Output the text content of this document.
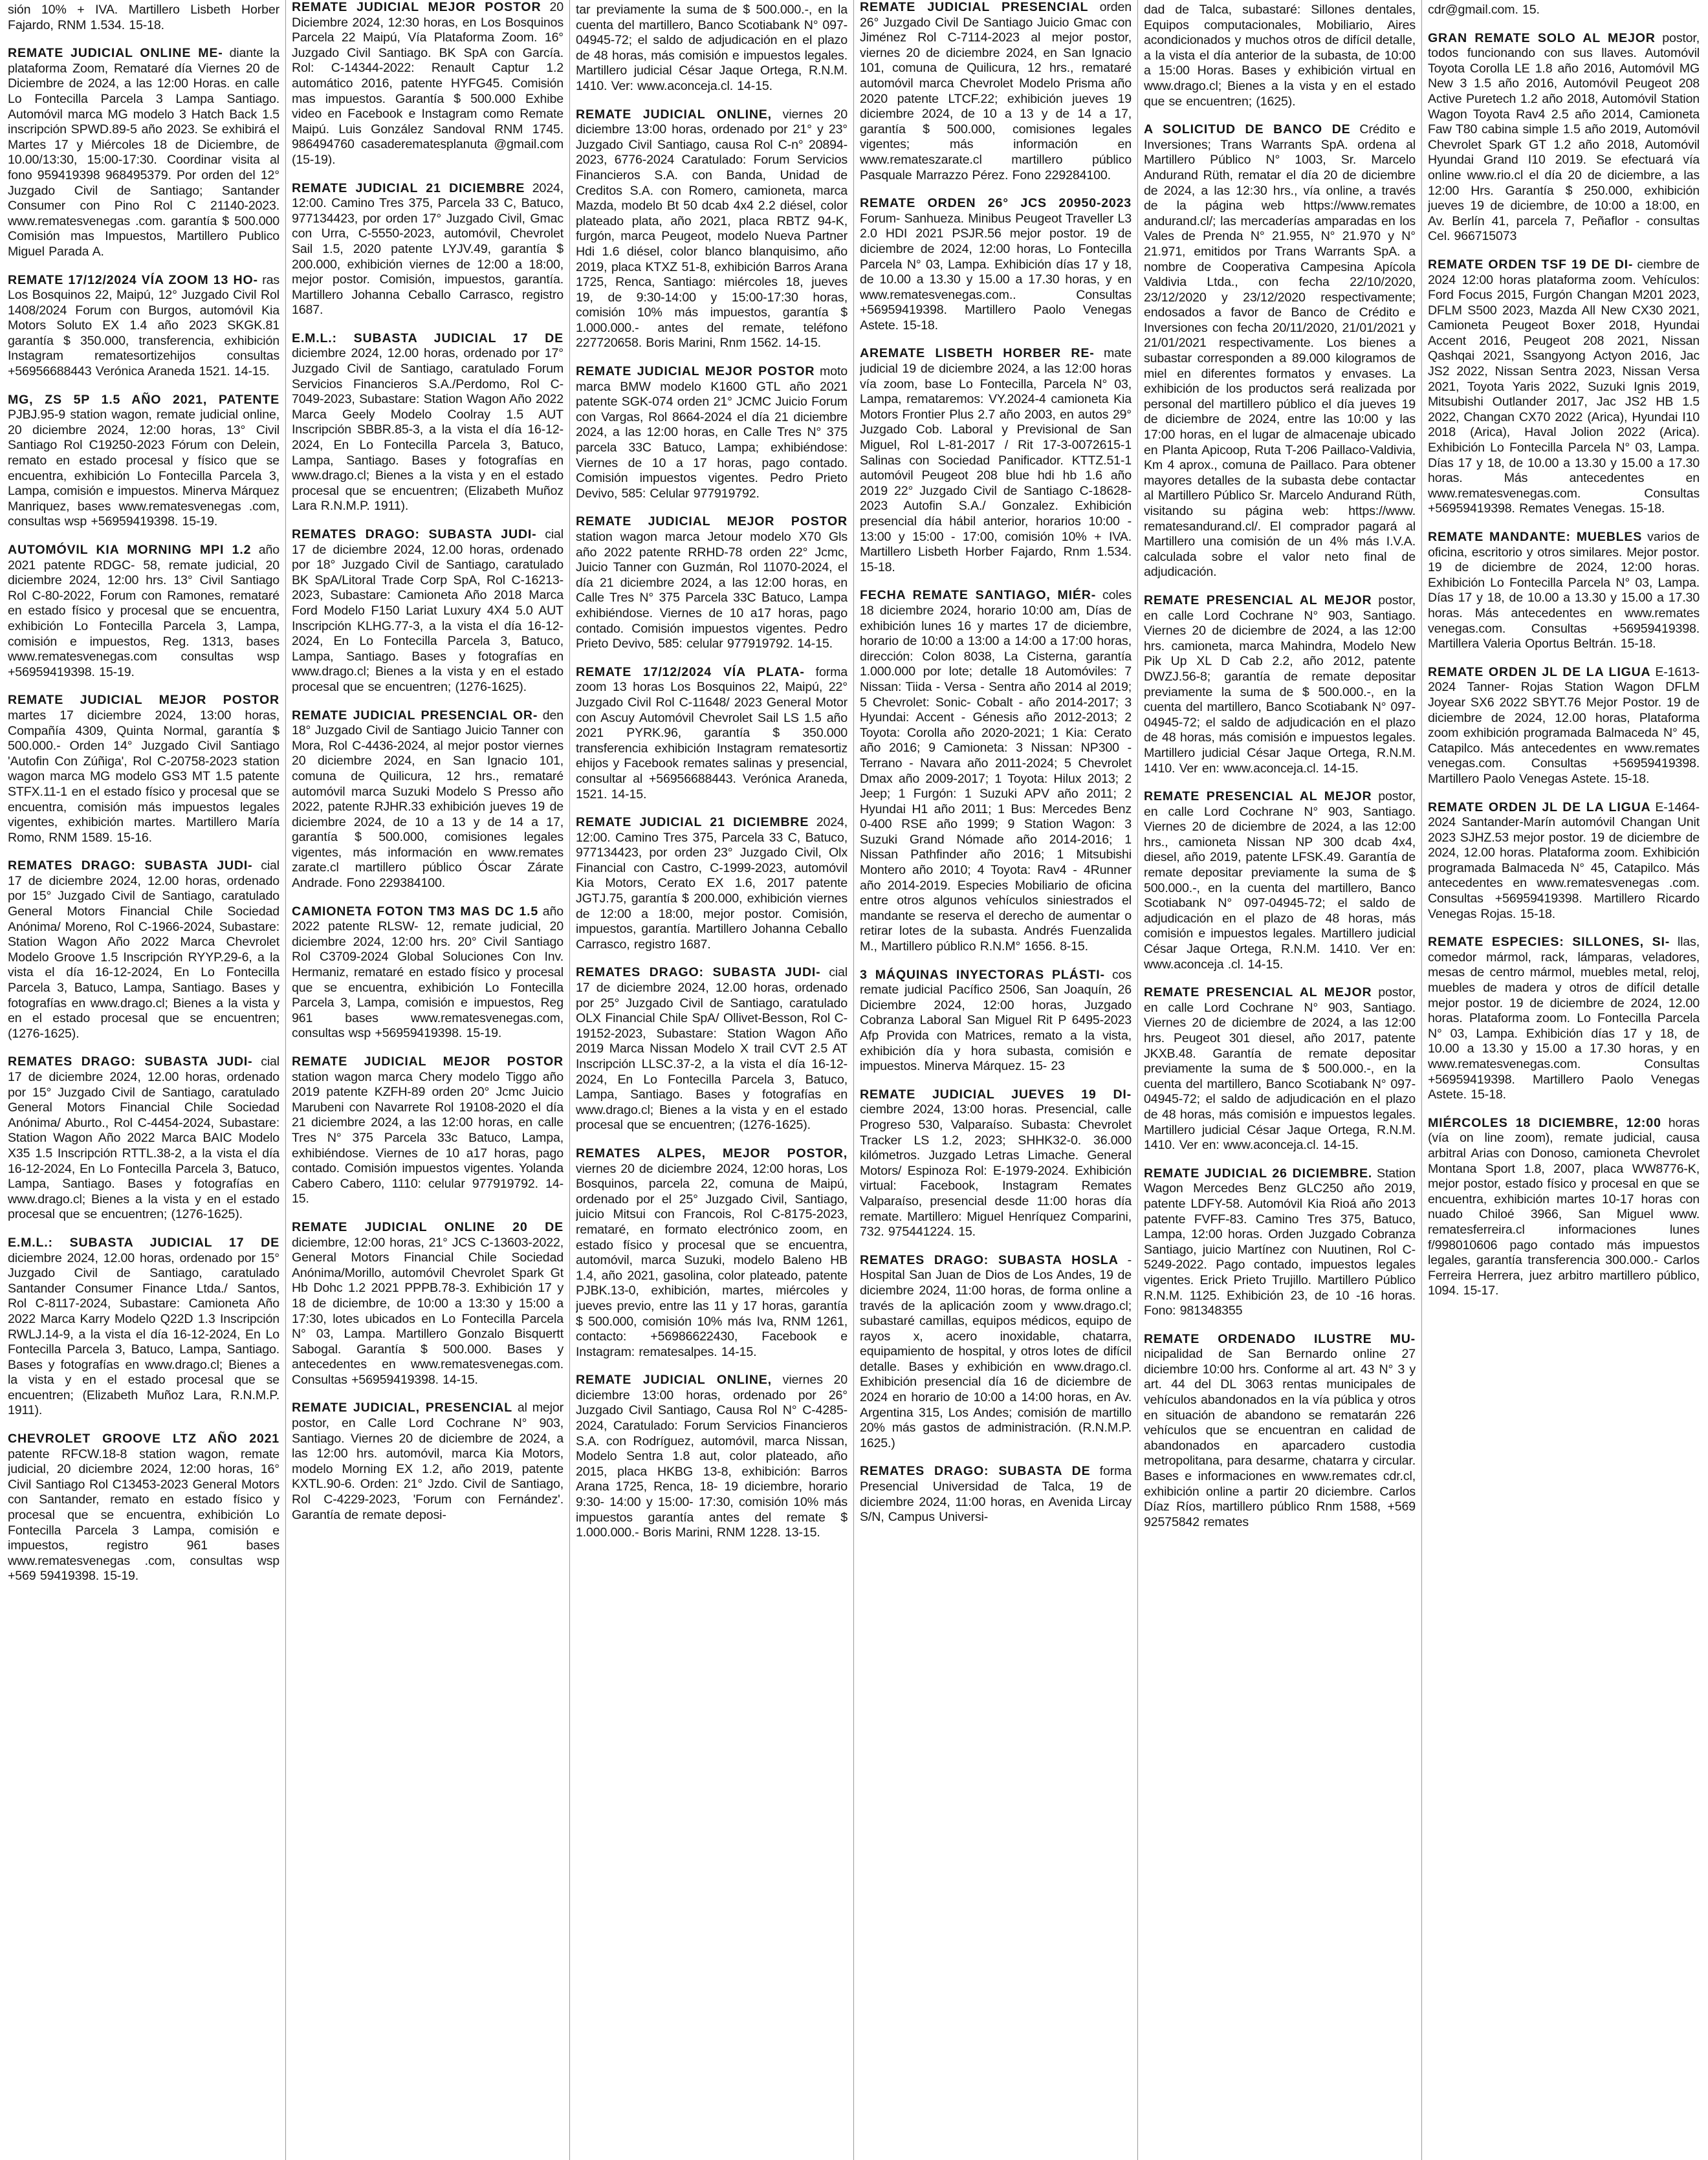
sión 10% + IVA. Martillero Lisbeth Horber Fajardo, RNM 1.534. 15-18.
REMATE JUDICIAL ONLINE ME- diante la plataforma Zoom, Remataré día Viernes 20 de Diciembre de 2024, a las 12:00 Horas. en calle Lo Fontecilla Parcela 3 Lampa Santiago. Automóvil marca MG modelo 3 Hatch Back 1.5 inscripción SPWD.89-5 año 2023. Se exhibirá el Martes 17 y Miércoles 18 de Diciembre, de 10.00/13:30, 15:00-17:30. Coordinar visita al fono 959419398 968495379. Por orden del 12° Juzgado Civil de Santiago; Santander Consumer con Pino Rol C 21140-2023. www.rematesvenegas .com. garantía $ 500.000 Comisión mas Impuestos, Martillero Publico Miguel Parada A.
REMATE 17/12/2024 VÍA ZOOM 13 HO- ras Los Bosquinos 22, Maipú, 12° Juzgado Civil Rol 1408/2024 Forum con Burgos, automóvil Kia Motors Soluto EX 1.4 año 2023 SKGK.81 garantía $ 350.000, transferencia, exhibición Instagram rematesortizehijos consultas +56956688443 Verónica Araneda 1521. 14-15.
MG, ZS 5P 1.5 AÑO 2021, PATENTE PJBJ.95-9 station wagon, remate judicial online, 20 diciembre 2024, 12:00 horas, 13° Civil Santiago Rol C19250-2023 Fórum con Delein, remato en estado procesal y físico que se encuentra, exhibición Lo Fontecilla Parcela 3, Lampa, comisión e impuestos. Minerva Márquez Manriquez, bases www.rematesvenegas .com, consultas wsp +56959419398. 15-19.
AUTOMÓVIL KIA MORNING MPI 1.2 año 2021 patente RDGC- 58, remate judicial, 20 diciembre 2024, 12:00 hrs. 13° Civil Santiago Rol C-80-2022, Forum con Ramones, remataré en estado físico y procesal que se encuentra, exhibición Lo Fontecilla Parcela 3, Lampa, comisión e impuestos, Reg. 1313, bases www.rematesvenegas.com consultas wsp +56959419398. 15-19.
REMATE JUDICIAL MEJOR POSTOR martes 17 diciembre 2024, 13:00 horas, Compañía 4309, Quinta Normal, garantía $ 500.000.- Orden 14° Juzgado Civil Santiago 'Autofin Con Zúñiga', Rol C-20758-2023 station wagon marca MG modelo GS3 MT 1.5 patente STFX.11-1 en el estado físico y procesal que se encuentra, comisión más impuestos legales vigentes, exhibición martes. Martillero María Romo, RNM 1589. 15-16.
REMATES DRAGO: SUBASTA JUDI- cial 17 de diciembre 2024, 12.00 horas, ordenado por 15° Juzgado Civil de Santiago, caratulado General Motors Financial Chile Sociedad Anónima/ Moreno, Rol C-1966-2024, Subastare: Station Wagon Año 2022 Marca Chevrolet Modelo Groove 1.5 Inscripción RYYP.29-6, a la vista el día 16-12-2024, En Lo Fontecilla Parcela 3, Batuco, Lampa, Santiago. Bases y fotografías en www.drago.cl; Bienes a la vista y en el estado procesal que se encuentren; (1276-1625).
REMATES DRAGO: SUBASTA JUDI- cial 17 de diciembre 2024, 12.00 horas, ordenado por 15° Juzgado Civil de Santiago, caratulado General Motors Financial Chile Sociedad Anónima/ Aburto., Rol C-4454-2024, Subastare: Station Wagon Año 2022 Marca BAIC Modelo X35 1.5 Inscripción RTTL.38-2, a la vista el día 16-12-2024, En Lo Fontecilla Parcela 3, Batuco, Lampa, Santiago. Bases y fotografías en www.drago.cl; Bienes a la vista y en el estado procesal que se encuentren; (1276-1625).
E.M.L.: SUBASTA JUDICIAL 17 DE diciembre 2024, 12.00 horas, ordenado por 15° Juzgado Civil de Santiago, caratulado Santander Consumer Finance Ltda./ Santos, Rol C-8117-2024, Subastare: Camioneta Año 2022 Marca Karry Modelo Q22D 1.3 Inscripción RWLJ.14-9, a la vista el día 16-12-2024, En Lo Fontecilla Parcela 3, Batuco, Lampa, Santiago. Bases y fotografías en www.drago.cl; Bienes a la vista y en el estado procesal que se encuentren; (Elizabeth Muñoz Lara, R.N.M.P. 1911).
CHEVROLET GROOVE LTZ AÑO 2021 patente RFCW.18-8 station wagon, remate judicial, 20 diciembre 2024, 12:00 horas, 16° Civil Santiago Rol C13453-2023 General Motors con Santander, remato en estado físico y procesal que se encuentra, exhibición Lo Fontecilla Parcela 3 Lampa, comisión e impuestos, registro 961 bases www.rematesvenegas .com, consultas wsp +569 59419398. 15-19.
REMATE JUDICIAL MEJOR POSTOR 20 Diciembre 2024, 12:30 horas, en Los Bosquinos Parcela 22 Maipú, Vía Plataforma Zoom. 16° Juzgado Civil Santiago. BK SpA con García. Rol: C-14344-2022: Renault Captur 1.2 automático 2016, patente HYFG45. Comisión mas impuestos. Garantía $ 500.000 Exhibe video en Facebook e Instagram como Remate Maipú. Luis González Sandoval RNM 1745. 986494760 casaderematesplanuta @gmail.com (15-19).
REMATE JUDICIAL 21 DICIEMBRE 2024, 12:00. Camino Tres 375, Parcela 33 C, Batuco, 977134423, por orden 17° Juzgado Civil, Gmac con Urra, C-5550-2023, automóvil, Chevrolet Sail 1.5, 2020 patente LYJV.49, garantía $ 200.000, exhibición viernes de 12:00 a 18:00, mejor postor. Comisión, impuestos, garantía. Martillero Johanna Ceballo Carrasco, registro 1687.
E.M.L.: SUBASTA JUDICIAL 17 DE diciembre 2024, 12.00 horas, ordenado por 17° Juzgado Civil de Santiago, caratulado Forum Servicios Financieros S.A./Perdomo, Rol C-7049-2023, Subastare: Station Wagon Año 2022 Marca Geely Modelo Coolray 1.5 AUT Inscripción SBBR.85-3, a la vista el día 16-12-2024, En Lo Fontecilla Parcela 3, Batuco, Lampa, Santiago. Bases y fotografías en www.drago.cl; Bienes a la vista y en el estado procesal que se encuentren; (Elizabeth Muñoz Lara R.N.M.P. 1911).
REMATES DRAGO: SUBASTA JUDI- cial 17 de diciembre 2024, 12.00 horas, ordenado por 18° Juzgado Civil de Santiago, caratulado BK SpA/Litoral Trade Corp SpA, Rol C-16213-2023, Subastare: Camioneta Año 2018 Marca Ford Modelo F150 Lariat Luxury 4X4 5.0 AUT Inscripción KLHG.77-3, a la vista el día 16-12-2024, En Lo Fontecilla Parcela 3, Batuco, Lampa, Santiago. Bases y fotografías en www.drago.cl; Bienes a la vista y en el estado procesal que se encuentren; (1276-1625).
REMATE JUDICIAL PRESENCIAL OR- den 18° Juzgado Civil de Santiago Juicio Tanner con Mora, Rol C-4436-2024, al mejor postor viernes 20 diciembre 2024, en San Ignacio 101, comuna de Quilicura, 12 hrs., remataré automóvil marca Suzuki Modelo S Presso año 2022, patente RJHR.33 exhibición jueves 19 de diciembre 2024, de 10 a 13 y de 14 a 17, garantía $ 500.000, comisiones legales vigentes, más información en www.remates zarate.cl martillero público Óscar Zárate Andrade. Fono 229384100.
CAMIONETA FOTON TM3 MAS DC 1.5 año 2022 patente RLSW- 12, remate judicial, 20 diciembre 2024, 12:00 hrs. 20° Civil Santiago Rol C3709-2024 Global Soluciones Con Inv. Hermaniz, remataré en estado físico y procesal que se encuentra, exhibición Lo Fontecilla Parcela 3, Lampa, comisión e impuestos, Reg 961 bases www.rematesvenegas.com, consultas wsp +56959419398. 15-19.
REMATE JUDICIAL MEJOR POSTOR station wagon marca Chery modelo Tiggo año 2019 patente KZFH-89 orden 20° Jcmc Juicio Marubeni con Navarrete Rol 19108-2020 el día 21 diciembre 2024, a las 12:00 horas, en calle Tres N° 375 Parcela 33c Batuco, Lampa, exhibiéndose. Viernes de 10 a17 horas, pago contado. Comisión impuestos vigentes. Yolanda Cabero Cabero, 1110: celular 977919792. 14-15.
REMATE JUDICIAL ONLINE 20 DE diciembre, 12:00 horas, 21° JCS C-13603-2022, General Motors Financial Chile Sociedad Anónima/Morillo, automóvil Chevrolet Spark Gt Hb Dohc 1.2 2021 PPPB.78-3. Exhibición 17 y 18 de diciembre, de 10:00 a 13:30 y 15:00 a 17:30, lotes ubicados en Lo Fontecilla Parcela N° 03, Lampa. Martillero Gonzalo Bisquertt Sabogal. Garantía $ 500.000. Bases y antecedentes en www.rematesvenegas.com. Consultas +56959419398. 14-15.
REMATE JUDICIAL, PRESENCIAL al mejor postor, en Calle Lord Cochrane N° 903, Santiago. Viernes 20 de diciembre de 2024, a las 12:00 hrs. automóvil, marca Kia Motors, modelo Morning EX 1.2, año 2019, patente KXTL.90-6. Orden: 21° Jzdo. Civil de Santiago, Rol C-4229-2023, 'Forum con Fernández'. Garantía de remate deposi-
tar previamente la suma de $ 500.000.-, en la cuenta del martillero, Banco Scotiabank N° 097-04945-72; el saldo de adjudicación en el plazo de 48 horas, más comisión e impuestos legales. Martillero judicial César Jaque Ortega, R.N.M. 1410. Ver: www.aconceja.cl. 14-15.
REMATE JUDICIAL ONLINE, viernes 20 diciembre 13:00 horas, ordenado por 21° y 23° Juzgado Civil Santiago, causa Rol C-n° 20894-2023, 6776-2024 Caratulado: Forum Servicios Financieros S.A. con Banda, Unidad de Creditos S.A. con Romero, camioneta, marca Mazda, modelo Bt 50 dcab 4x4 2.2 diésel, color plateado plata, año 2021, placa RBTZ 94-K, furgón, marca Peugeot, modelo Nueva Partner Hdi 1.6 diésel, color blanco blanquisimo, año 2019, placa KTXZ 51-8, exhibición Barros Arana 1725, Renca, Santiago: miércoles 18, jueves 19, de 9:30-14:00 y 15:00-17:30 horas, comisión 10% más impuestos, garantía $ 1.000.000.- antes del remate, teléfono 227720658. Boris Marini, Rnm 1562. 14-15.
REMATE JUDICIAL MEJOR POSTOR moto marca BMW modelo K1600 GTL año 2021 patente SGK-074 orden 21° JCMC Juicio Forum con Vargas, Rol 8664-2024 el día 21 diciembre 2024, a las 12:00 horas, en Calle Tres N° 375 parcela 33C Batuco, Lampa; exhibiéndose: Viernes de 10 a 17 horas, pago contado. Comisión impuestos vigentes. Pedro Prieto Devivo, 585: Celular 977919792.
REMATE JUDICIAL MEJOR POSTOR station wagon marca Jetour modelo X70 Gls año 2022 patente RRHD-78 orden 22° Jcmc, Juicio Tanner con Guzmán, Rol 11070-2024, el día 21 diciembre 2024, a las 12:00 horas, en Calle Tres N° 375 Parcela 33C Batuco, Lampa exhibiéndose. Viernes de 10 a17 horas, pago contado. Comisión impuestos vigentes. Pedro Prieto Devivo, 585: celular 977919792. 14-15.
REMATE 17/12/2024 VÍA PLATA- forma zoom 13 horas Los Bosquinos 22, Maipú, 22° Juzgado Civil Rol C-11648/ 2023 General Motor con Ascuy Automóvil Chevrolet Sail LS 1.5 año 2021 PYRK.96, garantía $ 350.000 transferencia exhibición Instagram rematesortiz ehijos y Facebook remates salinas y presencial, consultar al +56956688443. Verónica Araneda, 1521. 14-15.
REMATE JUDICIAL 21 DICIEMBRE 2024, 12:00. Camino Tres 375, Parcela 33 C, Batuco, 977134423, por orden 23° Juzgado Civil, Olx Financial con Castro, C-1999-2023, automóvil Kia Motors, Cerato EX 1.6, 2017 patente JGTJ.75, garantía $ 200.000, exhibición viernes de 12:00 a 18:00, mejor postor. Comisión, impuestos, garantía. Martillero Johanna Ceballo Carrasco, registro 1687.
REMATES DRAGO: SUBASTA JUDI- cial 17 de diciembre 2024, 12.00 horas, ordenado por 25° Juzgado Civil de Santiago, caratulado OLX Financial Chile SpA/ Ollivet-Besson, Rol C-19152-2023, Subastare: Station Wagon Año 2019 Marca Nissan Modelo X trail CVT 2.5 AT Inscripción LLSC.37-2, a la vista el día 16-12-2024, En Lo Fontecilla Parcela 3, Batuco, Lampa, Santiago. Bases y fotografías en www.drago.cl; Bienes a la vista y en el estado procesal que se encuentren; (1276-1625).
REMATES ALPES, MEJOR POSTOR, viernes 20 de diciembre 2024, 12:00 horas, Los Bosquinos, parcela 22, comuna de Maipú, ordenado por el 25° Juzgado Civil, Santiago, juicio Mitsui con Francois, Rol C-8175-2023, remataré, en formato electrónico zoom, en estado físico y procesal que se encuentra, automóvil, marca Suzuki, modelo Baleno HB 1.4, año 2021, gasolina, color plateado, patente PJBK.13-0, exhibición, martes, miércoles y jueves previo, entre las 11 y 17 horas, garantía $ 500.000, comisión 10% más Iva, RNM 1261, contacto: +56986622430, Facebook e Instagram: rematesalpes. 14-15.
REMATE JUDICIAL ONLINE, viernes 20 diciembre 13:00 horas, ordenado por 26° Juzgado Civil Santiago, Causa Rol N° C-4285-2024, Caratulado: Forum Servicios Financieros S.A. con Rodríguez, automóvil, marca Nissan, Modelo Sentra 1.8 aut, color plateado, año 2015, placa HKBG 13-8, exhibición: Barros Arana 1725, Renca, 18- 19 diciembre, horario 9:30- 14:00 y 15:00- 17:30, comisión 10% más impuestos garantía antes del remate $ 1.000.000.- Boris Marini, RNM 1228. 13-15.
REMATE JUDICIAL PRESENCIAL orden 26° Juzgado Civil De Santiago Juicio Gmac con Jiménez Rol C-7114-2023 al mejor postor, viernes 20 de diciembre 2024, en San Ignacio 101, comuna de Quilicura, 12 hrs., remataré automóvil marca Chevrolet Modelo Prisma año 2020 patente LTCF.22; exhibición jueves 19 diciembre 2024, de 10 a 13 y de 14 a 17, garantía $ 500.000, comisiones legales vigentes; más información en www.remateszarate.cl martillero público Pasquale Marrazzo Pérez. Fono 229284100.
REMATE ORDEN 26° JCS 20950-2023 Forum- Sanhueza. Minibus Peugeot Traveller L3 2.0 HDI 2021 PSJR.56 mejor postor. 19 de diciembre de 2024, 12:00 horas, Lo Fontecilla Parcela N° 03, Lampa. Exhibición días 17 y 18, de 10.00 a 13.30 y 15.00 a 17.30 horas, y en www.rematesvenegas.com.. Consultas +56959419398. Martillero Paolo Venegas Astete. 15-18.
AREMATE LISBETH HORBER RE- mate judicial 19 de diciembre 2024, a las 12:00 horas vía zoom, base Lo Fontecilla, Parcela N° 03, Lampa, remataremos: VY.2024-4 camioneta Kia Motors Frontier Plus 2.7 año 2003, en autos 29° Juzgado Cob. Laboral y Previsional de San Miguel, Rol L-81-2017 / Rit 17-3-0072615-1 Salinas con Sociedad Panificador. KTTZ.51-1 automóvil Peugeot 208 blue hdi hb 1.6 año 2019 22° Juzgado Civil de Santiago C-18628-2023 Autofin S.A./ Gonzalez. Exhibición presencial día hábil anterior, horarios 10:00 - 13:00 y 15:00 - 17:00, comisión 10% + IVA. Martillero Lisbeth Horber Fajardo, Rnm 1.534. 15-18.
FECHA REMATE SANTIAGO, MIÉR- coles 18 diciembre 2024, horario 10:00 am, Días de exhibición lunes 16 y martes 17 de diciembre, horario de 10:00 a 13:00 a 14:00 a 17:00 horas, dirección: Colon 8038, La Cisterna, garantía 1.000.000 por lote; detalle 18 Automóviles: 7 Nissan: Tiida - Versa - Sentra año 2014 al 2019; 5 Chevrolet: Sonic- Cobalt - año 2014-2017; 3 Hyundai: Accent - Génesis año 2012-2013; 2 Toyota: Corolla año 2020-2021; 1 Kia: Cerato año 2016; 9 Camioneta: 3 Nissan: NP300 - Terrano - Navara año 2011-2024; 5 Chevrolet Dmax año 2009-2017; 1 Toyota: Hilux 2013; 2 Jeep; 1 Furgón: 1 Suzuki APV año 2011; 2 Hyundai H1 año 2011; 1 Bus: Mercedes Benz 0-400 RSE año 1999; 9 Station Wagon: 3 Suzuki Grand Nómade año 2014-2016; 1 Nissan Pathfinder año 2016; 1 Mitsubishi Montero año 2010; 4 Toyota: Rav4 - 4Runner año 2014-2019. Especies Mobiliario de oficina entre otros algunos vehículos siniestrados el mandante se reserva el derecho de aumentar o retirar lotes de la subasta. Andrés Fuenzalida M., Martillero público R.N.M° 1656. 8-15.
3 MÁQUINAS INYECTORAS PLÁSTI- cos remate judicial Pacífico 2506, San Joaquín, 26 Diciembre 2024, 12:00 horas, Juzgado Cobranza Laboral San Miguel Rit P 6495-2023 Afp Provida con Matrices, remato a la vista, exhibición día y hora subasta, comisión e impuestos. Minerva Márquez. 15- 23
REMATE JUDICIAL JUEVES 19 DI- ciembre 2024, 13:00 horas. Presencial, calle Progreso 530, Valparaíso. Subasta: Chevrolet Tracker LS 1.2, 2023; SHHK32-0. 36.000 kilómetros. Juzgado Letras Limache. General Motors/ Espinoza Rol: E-1979-2024. Exhibición virtual: Facebook, Instagram Remates Valparaíso, presencial desde 11:00 horas día remate. Martillero: Miguel Henríquez Comparini, 732. 975441224. 15.
REMATES DRAGO: SUBASTA HOSLA - Hospital San Juan de Dios de Los Andes, 19 de diciembre 2024, 11:00 horas, de forma online a través de la aplicación zoom y www.drago.cl; subastaré camillas, equipos médicos, equipo de rayos x, acero inoxidable, chatarra, equipamiento de hospital, y otros lotes de difícil detalle. Bases y exhibición en www.drago.cl. Exhibición presencial día 16 de diciembre de 2024 en horario de 10:00 a 14:00 horas, en Av. Argentina 315, Los Andes; comisión de martillo 20% más gastos de administración. (R.N.M.P. 1625.)
REMATES DRAGO: SUBASTA DE forma Presencial Universidad de Talca, 19 de diciembre 2024, 11:00 horas, en Avenida Lircay S/N, Campus Universi-
dad de Talca, subastaré: Sillones dentales, Equipos computacionales, Mobiliario, Aires acondicionados y muchos otros de difícil detalle, a la vista el día anterior de la subasta, de 10:00 a 15:00 Horas. Bases y exhibición virtual en www.drago.cl; Bienes a la vista y en el estado que se encuentren; (1625).
A SOLICITUD DE BANCO DE Crédito e Inversiones; Trans Warrants SpA. ordena al Martillero Público N° 1003, Sr. Marcelo Andurand Rüth, rematar el día 20 de diciembre de 2024, a las 12:30 hrs., vía online, a través de la página web https://www.remates andurand.cl/; las mercaderías amparadas en los Vales de Prenda N° 21.955, N° 21.970 y N° 21.971, emitidos por Trans Warrants SpA. a nombre de Cooperativa Campesina Apícola Valdivia Ltda., con fecha 22/10/2020, 23/12/2020 y 23/12/2020 respectivamente; endosados a favor de Banco de Crédito e Inversiones con fecha 20/11/2020, 21/01/2021 y 21/01/2021 respectivamente. Los bienes a subastar corresponden a 89.000 kilogramos de miel en diferentes formatos y envases. La exhibición de los productos será realizada por personal del martillero público el día jueves 19 de diciembre de 2024, entre las 10:00 y las 17:00 horas, en el lugar de almacenaje ubicado en Planta Apicoop, Ruta T-206 Paillaco-Valdivia, Km 4 aprox., comuna de Paillaco. Para obtener mayores detalles de la subasta debe contactar al Martillero Público Sr. Marcelo Andurand Rüth, visitando su página web: https://www. rematesandurand.cl/. El comprador pagará al Martillero una comisión de un 4% más I.V.A. calculada sobre el valor neto final de adjudicación.
REMATE PRESENCIAL AL MEJOR postor, en calle Lord Cochrane N° 903, Santiago. Viernes 20 de diciembre de 2024, a las 12:00 hrs. camioneta, marca Mahindra, Modelo New Pik Up XL D Cab 2.2, año 2012, patente DWZJ.56-8; garantía de remate depositar previamente la suma de $ 500.000.-, en la cuenta del martillero, Banco Scotiabank N° 097-04945-72; el saldo de adjudicación en el plazo de 48 horas, más comisión e impuestos legales. Martillero judicial César Jaque Ortega, R.N.M. 1410. Ver en: www.aconceja.cl. 14-15.
REMATE PRESENCIAL AL MEJOR postor, en calle Lord Cochrane N° 903, Santiago. Viernes 20 de diciembre de 2024, a las 12:00 hrs., camioneta Nissan NP 300 dcab 4x4, diesel, año 2019, patente LFSK.49. Garantía de remate depositar previamente la suma de $ 500.000.-, en la cuenta del martillero, Banco Scotiabank N° 097-04945-72; el saldo de adjudicación en el plazo de 48 horas, más comisión e impuestos legales. Martillero judicial César Jaque Ortega, R.N.M. 1410. Ver en: www.aconceja .cl. 14-15.
REMATE PRESENCIAL AL MEJOR postor, en calle Lord Cochrane N° 903, Santiago. Viernes 20 de diciembre de 2024, a las 12:00 hrs. Peugeot 301 diesel, año 2017, patente JKXB.48. Garantía de remate depositar previamente la suma de $ 500.000.-, en la cuenta del martillero, Banco Scotiabank N° 097-04945-72; el saldo de adjudicación en el plazo de 48 horas, más comisión e impuestos legales. Martillero judicial César Jaque Ortega, R.N.M. 1410. Ver en: www.aconceja.cl. 14-15.
REMATE JUDICIAL 26 DICIEMBRE. Station Wagon Mercedes Benz GLC250 año 2019, patente LDFY-58. Automóvil Kia Rioá año 2013 patente FVFF-83. Camino Tres 375, Batuco, Lampa, 12:00 horas. Orden Juzgado Cobranza Santiago, juicio Martínez con Nuutinen, Rol C-5249-2022. Pago contado, impuestos legales vigentes. Erick Prieto Trujillo. Martillero Público R.N.M. 1125. Exhibición 23, de 10 -16 horas. Fono: 981348355
REMATE ORDENADO ILUSTRE MU- nicipalidad de San Bernardo online 27 diciembre 10:00 hrs. Conforme al art. 43 N° 3 y art. 44 del DL 3063 rentas municipales de vehículos abandonados en la vía pública y otros en situación de abandono se rematarán 226 vehículos que se encuentran en calidad de abandonados en aparcadero custodia metropolitana, para desarme, chatarra y circular. Bases e informaciones en www.remates cdr.cl, exhibición online a partir 20 diciembre. Carlos Díaz Ríos, martillero público Rnm 1588, +569 92575842 remates
cdr@gmail.com. 15.
GRAN REMATE SOLO AL MEJOR postor, todos funcionando con sus llaves. Automóvil Toyota Corolla LE 1.8 año 2016, Automóvil MG New 3 1.5 año 2016, Automóvil Peugeot 208 Active Puretech 1.2 año 2018, Automóvil Station Wagon Toyota Rav4 2.5 año 2014, Camioneta Faw T80 cabina simple 1.5 año 2019, Automóvil Chevrolet Spark GT 1.2 año 2018, Automóvil Hyundai Grand I10 2019. Se efectuará vía online www.rio.cl el día 20 de diciembre, a las 12:00 Hrs. Garantía $ 250.000, exhibición jueves 19 de diciembre, de 10:00 a 18:00, en Av. Berlín 41, parcela 7, Peñaflor - consultas Cel. 966715073
REMATE ORDEN TSF 19 DE DI- ciembre de 2024 12:00 horas plataforma zoom. Vehículos: Ford Focus 2015, Furgón Changan M201 2023, DFLM S500 2023, Mazda All New CX30 2021, Camioneta Peugeot Boxer 2018, Hyundai Accent 2016, Peugeot 208 2021, Nissan Qashqai 2021, Ssangyong Actyon 2016, Jac JS2 2022, Nissan Sentra 2023, Nissan Versa 2021, Toyota Yaris 2022, Suzuki Ignis 2019, Mitsubishi Outlander 2017, Jac JS2 HB 1.5 2022, Changan CX70 2022 (Arica), Hyundai I10 2018 (Arica), Haval Jolion 2022 (Arica). Exhibición Lo Fontecilla Parcela N° 03, Lampa. Días 17 y 18, de 10.00 a 13.30 y 15.00 a 17.30 horas. Más antecedentes en www.rematesvenegas.com. Consultas +56959419398. Remates Venegas. 15-18.
REMATE MANDANTE: MUEBLES varios de oficina, escritorio y otros similares. Mejor postor. 19 de diciembre de 2024, 12:00 horas. Exhibición Lo Fontecilla Parcela N° 03, Lampa. Días 17 y 18, de 10.00 a 13.30 y 15.00 a 17.30 horas. Más antecedentes en www.remates venegas.com. Consultas +56959419398. Martillera Valeria Oportus Beltrán. 15-18.
REMATE ORDEN JL DE LA LIGUA E-1613-2024 Tanner- Rojas Station Wagon DFLM Joyear SX6 2022 SBYT.76 Mejor Postor. 19 de diciembre de 2024, 12.00 horas, Plataforma zoom exhibición programada Balmaceda N° 45, Catapilco. Más antecedentes en www.remates venegas.com. Consultas +56959419398. Martillero Paolo Venegas Astete. 15-18.
REMATE ORDEN JL DE LA LIGUA E-1464-2024 Santander-Marín automóvil Changan Unit 2023 SJHZ.53 mejor postor. 19 de diciembre de 2024, 12.00 horas. Plataforma zoom. Exhibición programada Balmaceda N° 45, Catapilco. Más antecedentes en www.rematesvenegas .com. Consultas +56959419398. Martillero Ricardo Venegas Rojas. 15-18.
REMATE ESPECIES: SILLONES, SI- llas, comedor mármol, rack, lámparas, veladores, mesas de centro mármol, muebles metal, reloj, muebles de madera y otros de difícil detalle mejor postor. 19 de diciembre de 2024, 12.00 horas. Plataforma zoom. Lo Fontecilla Parcela N° 03, Lampa. Exhibición días 17 y 18, de 10.00 a 13.30 y 15.00 a 17.30 horas, y en www.rematesvenegas.com. Consultas +56959419398. Martillero Paolo Venegas Astete. 15-18.
MIÉRCOLES 18 DICIEMBRE, 12:00 horas (vía on line zoom), remate judicial, causa arbitral Arias con Donoso, camioneta Chevrolet Montana Sport 1.8, 2007, placa WW8776-K, mejor postor, estado físico y procesal en que se encuentra, exhibición martes 10-17 horas con nuado Chiloé 3966, San Miguel www. rematesferreira.cl informaciones lunes f/998010606 pago contado más impuestos legales, garantía transferencia 300.000.- Carlos Ferreira Herrera, juez arbitro martillero público, 1094. 15-17.
